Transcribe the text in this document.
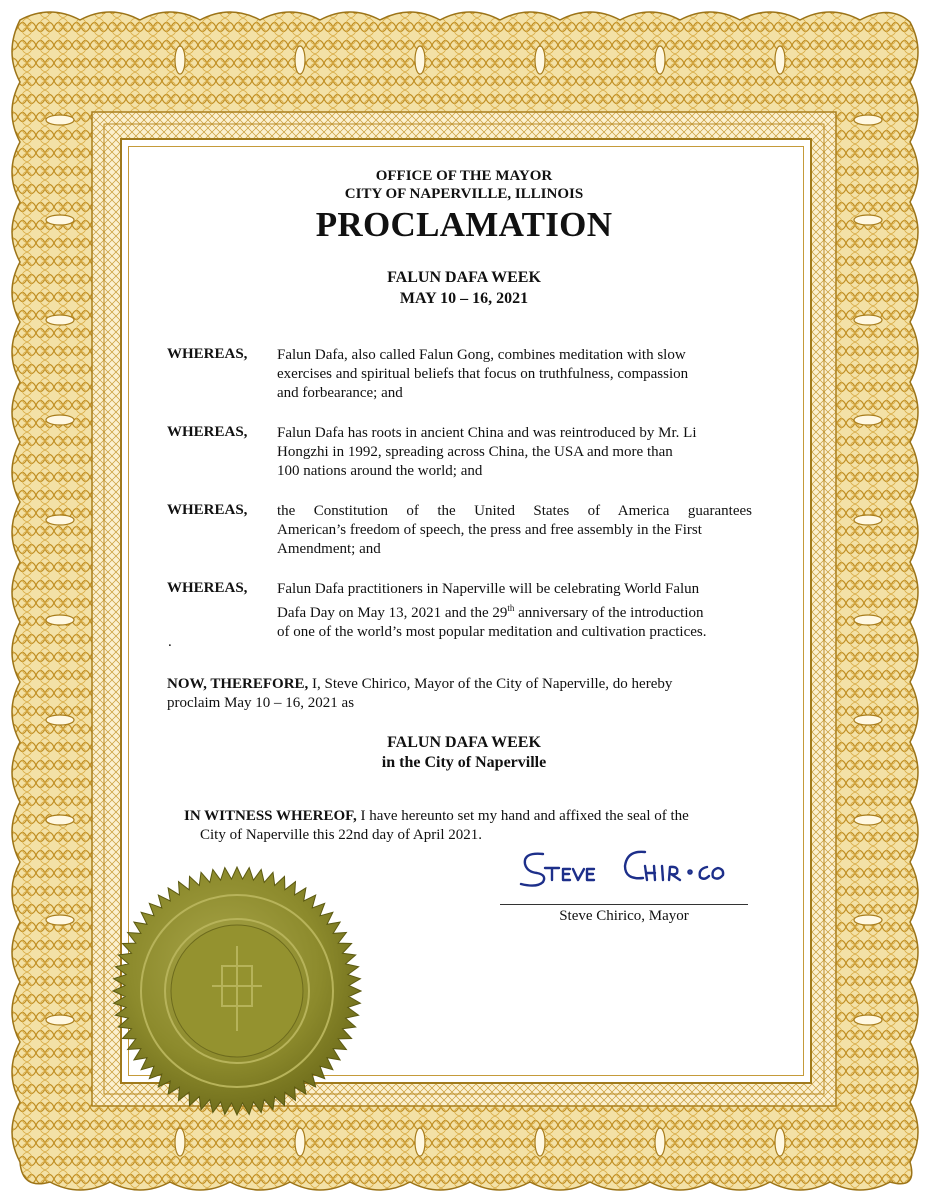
OFFICE OF THE MAYOR
CITY OF NAPERVILLE, ILLINOIS
PROCLAMATION
FALUN DAFA WEEK
MAY 10 – 16, 2021
WHEREAS, Falun Dafa, also called Falun Gong, combines meditation with slow
exercises and spiritual beliefs that focus on truthfulness, compassion
and forbearance; and
WHEREAS, Falun Dafa has roots in ancient China and was reintroduced by Mr. Li
Hongzhi in 1992, spreading across China, the USA and more than
100 nations around the world; and
WHEREAS, the Constitution of the United States of America guarantees
American’s freedom of speech, the press and free assembly in the First
Amendment; and
WHEREAS, Falun Dafa practitioners in Naperville will be celebrating World Falun
Dafa Day on May 13, 2021 and the 29th anniversary of the introduction
of one of the world’s most popular meditation and cultivation practices.
.
NOW, THEREFORE, I, Steve Chirico, Mayor of the City of Naperville, do hereby
proclaim May 10 – 16, 2021 as
FALUN DAFA WEEK
in the City of Naperville
IN WITNESS WHEREOF, I have hereunto set my hand and affixed the seal of the
City of Naperville this 22nd day of April 2021.
Steve Chirico, Mayor
